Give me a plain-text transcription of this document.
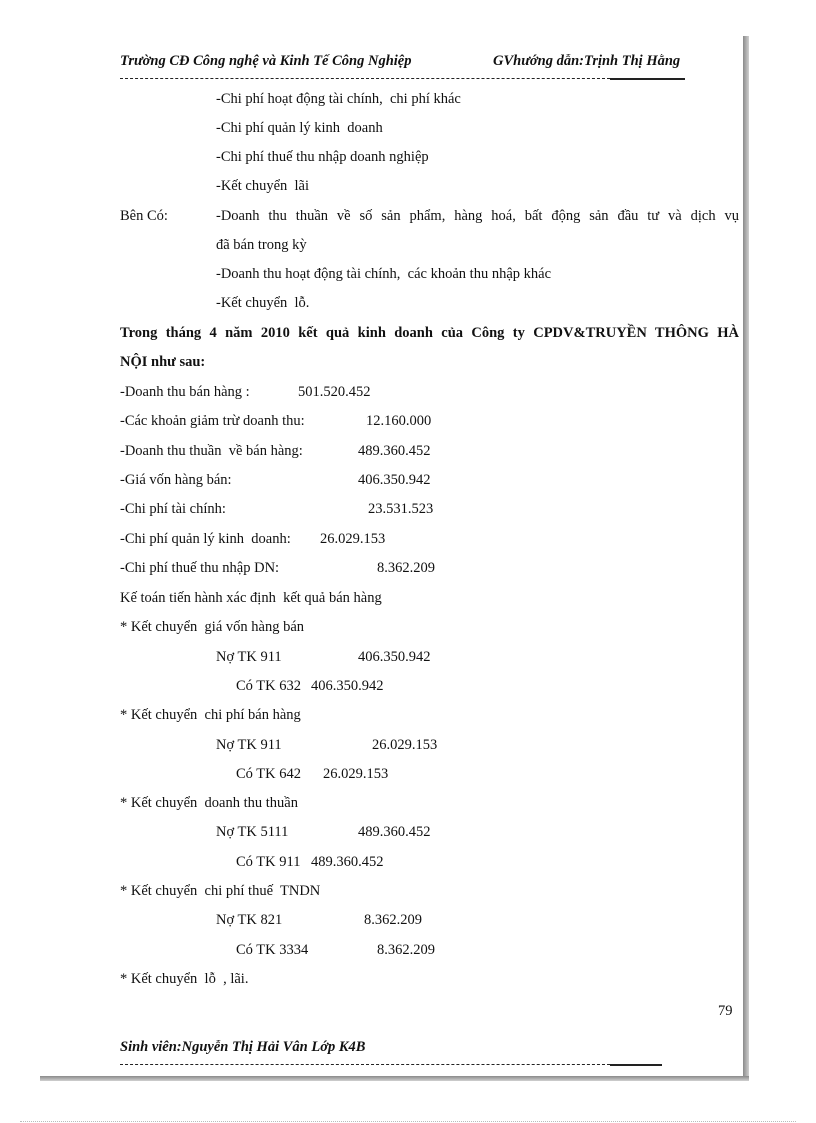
Trường CĐ Công nghệ và Kinh Tế Công Nghiệp	GVhướng dẫn:Trịnh Thị Hằng
-Chi phí hoạt động tài chính,  chi phí khác
-Chi phí quản lý kinh  doanh
-Chi phí thuế thu nhập doanh nghiệp
-Kết chuyển  lãi
Bên Có:	-Doanh thu thuần về số sản phẩm, hàng hoá, bất động sản đầu tư và dịch vụ
đã bán trong kỳ
-Doanh thu hoạt động tài chính,  các khoản thu nhập khác
-Kết chuyển  lỗ.
Trong tháng 4 năm 2010 kết quả kinh doanh của Công ty CPDV&TRUYỀN THÔNG HÀ
NỘI như sau:
-Doanh thu bán hàng :	501.520.452
-Các khoản giảm trừ doanh thu:	12.160.000
-Doanh thu thuần  về bán hàng:	489.360.452
-Giá vốn hàng bán:	406.350.942
-Chi phí tài chính:	23.531.523
-Chi phí quản lý kinh  doanh: 26.029.153
-Chi phí thuế thu nhập DN:	8.362.209
Kế toán tiến hành xác định  kết quả bán hàng
* Kết chuyển  giá vốn hàng bán
Nợ TK 911	406.350.942
Có TK 632 406.350.942
* Kết chuyển  chi phí bán hàng
Nợ TK 911	26.029.153
Có TK 642 26.029.153
* Kết chuyển  doanh thu thuần
Nợ TK 5111	489.360.452
Có TK 911 489.360.452
* Kết chuyển  chi phí thuế  TNDN
Nợ TK 821	8.362.209
Có TK 3334	8.362.209
* Kết chuyển  lỗ  , lãi.
79
Sinh viên:Nguyễn Thị Hải Vân Lớp K4B
